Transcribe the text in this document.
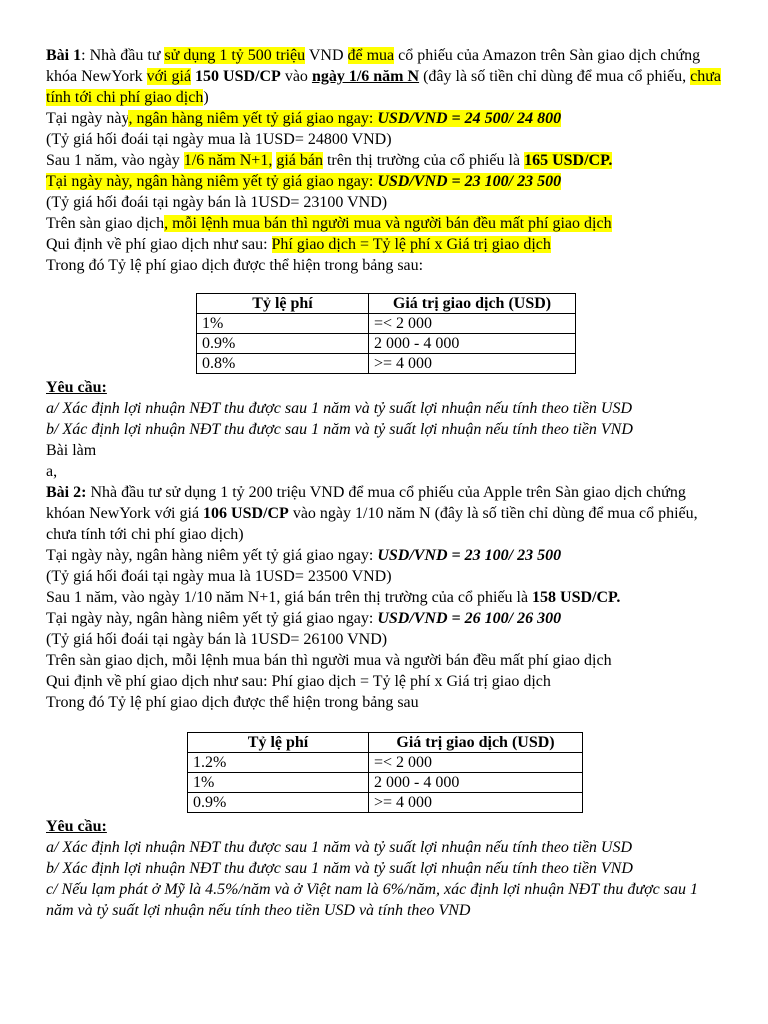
Bài 1: Nhà đầu tư sử dụng 1 tỷ 500 triệu VND để mua cổ phiếu của Amazon trên Sàn giao dịch chứng khóa NewYork với giá 150 USD/CP vào ngày 1/6 năm N (đây là số tiền chỉ dùng để mua cổ phiếu, chưa tính tới chi phí giao dịch)

Tại ngày này, ngân hàng niêm yết tỷ giá giao ngay: USD/VND = 24 500/ 24 800

(Tỷ giá hối đoái tại ngày mua là 1USD= 24800 VND)

Sau 1 năm, vào ngày 1/6 năm N+1, giá bán trên thị trường của cổ phiếu là 165 USD/CP.

Tại ngày này, ngân hàng niêm yết tỷ giá giao ngay: USD/VND = 23 100/ 23 500

(Tỷ giá hối đoái tại ngày bán là 1USD= 23100 VND)

Trên sàn giao dịch, mỗi lệnh mua bán thì người mua và người bán đều mất phí giao dịch

Qui định về phí giao dịch như sau: Phí giao dịch = Tỷ lệ phí x Giá trị giao dịch

Trong đó Tỷ lệ phí giao dịch được thể hiện trong bảng sau:

Tỷ lệ phí	Giá trị giao dịch (USD)
1%	=< 2 000
0.9%	2 000 - 4 000
0.8%	>= 4 000

Yêu cầu:

a/ Xác định lợi nhuận NĐT thu được sau 1 năm và tỷ suất lợi nhuận nếu tính theo tiền USD

b/ Xác định lợi nhuận NĐT thu được sau 1 năm và tỷ suất lợi nhuận nếu tính theo tiền VND

Bài làm

a,

Bài 2: Nhà đầu tư sử dụng 1 tỷ 200 triệu VND để mua cổ phiếu của Apple trên Sàn giao dịch chứng khóan NewYork với giá 106 USD/CP vào ngày 1/10 năm N (đây là số tiền chỉ dùng để mua cổ phiếu, chưa tính tới chi phí giao dịch)

Tại ngày này, ngân hàng niêm yết tỷ giá giao ngay: USD/VND = 23 100/ 23 500

(Tỷ giá hối đoái tại ngày mua là 1USD= 23500 VND)

Sau 1 năm, vào ngày 1/10 năm N+1, giá bán trên thị trường của cổ phiếu là 158 USD/CP.

Tại ngày này, ngân hàng niêm yết tỷ giá giao ngay: USD/VND = 26 100/ 26 300

(Tỷ giá hối đoái tại ngày bán là 1USD= 26100 VND)

Trên sàn giao dịch, mỗi lệnh mua bán thì người mua và người bán đều mất phí giao dịch

Qui định về phí giao dịch như sau: Phí giao dịch = Tỷ lệ phí x Giá trị giao dịch

Trong đó Tỷ lệ phí giao dịch được thể hiện trong bảng sau

Tỷ lệ phí	Giá trị giao dịch (USD)
1.2%	=< 2 000
1%	2 000 - 4 000
0.9%	>= 4 000

Yêu cầu:

a/ Xác định lợi nhuận NĐT thu được sau 1 năm và tỷ suất lợi nhuận nếu tính theo tiền USD

b/ Xác định lợi nhuận NĐT thu được sau 1 năm và tỷ suất lợi nhuận nếu tính theo tiền VND

c/ Nếu lạm phát ở Mỹ là 4.5%/năm và ở Việt nam là 6%/năm, xác định lợi nhuận NĐT thu được sau 1 năm và tỷ suất lợi nhuận nếu tính theo tiền USD và tính theo VND
